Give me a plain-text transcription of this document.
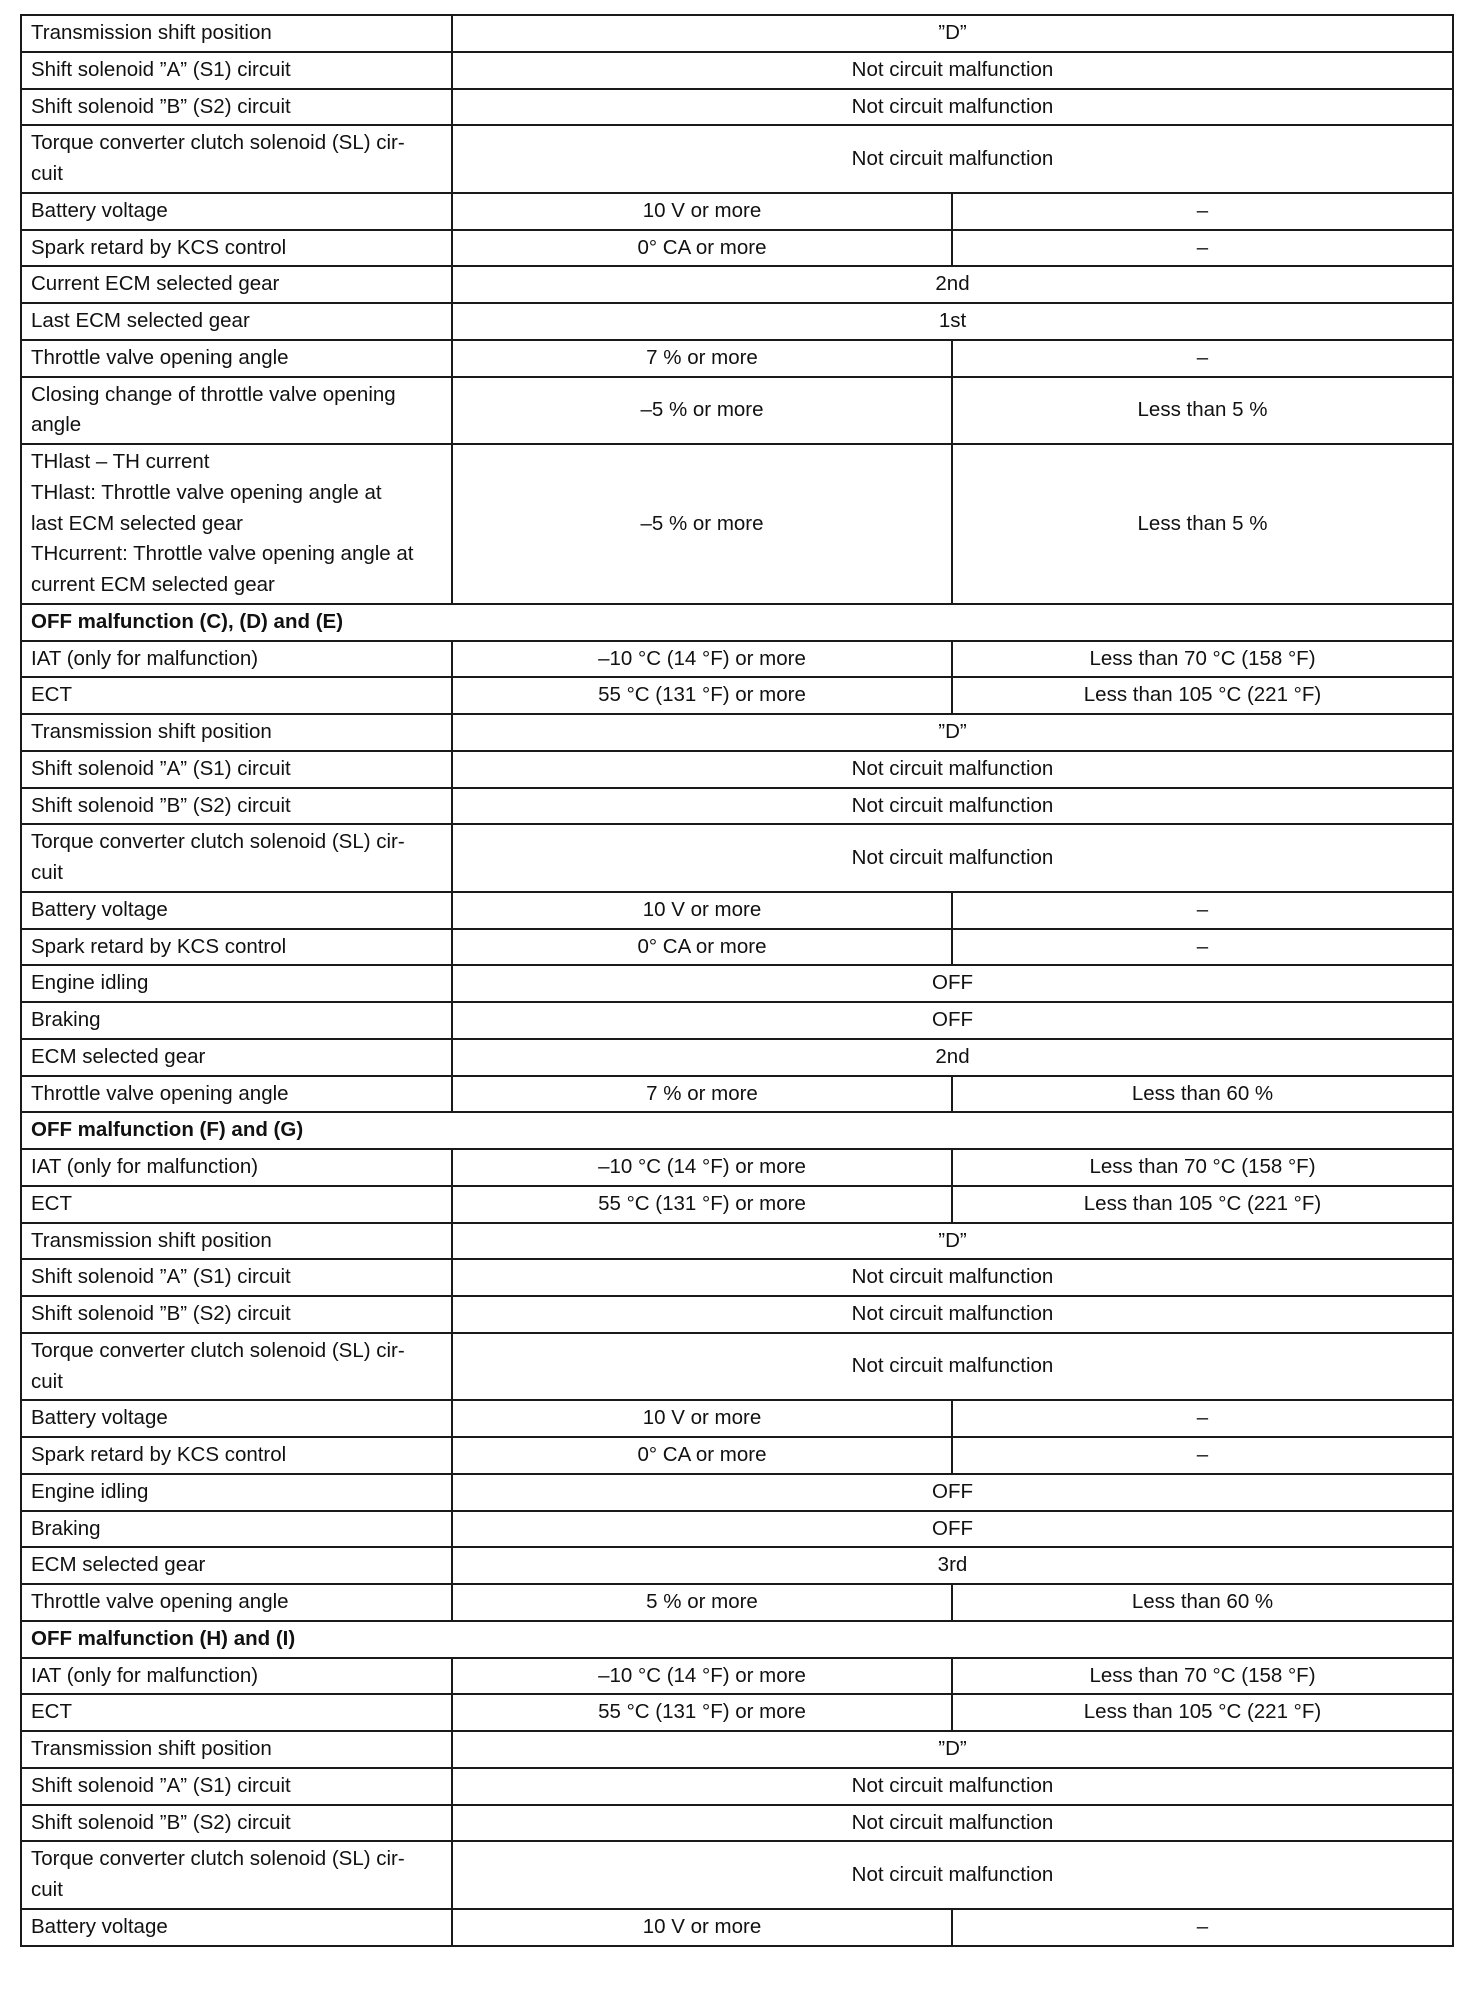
Transmission shift position	”D”	
Shift solenoid ”A” (S1) circuit	Not circuit malfunction	
Shift solenoid ”B” (S2) circuit	Not circuit malfunction	
Torque converter clutch solenoid (SL) cir-
cuit	Not circuit malfunction	
Battery voltage	10 V or more	–
Spark retard by KCS control	0° CA or more	–
Current ECM selected gear	2nd	
Last ECM selected gear	1st	
Throttle valve opening angle	7 % or more	–
Closing change of throttle valve opening
angle	–5 % or more	Less than 5 %
THlast – TH current
THlast: Throttle valve opening angle at
last ECM selected gear
THcurrent: Throttle valve opening angle at
current ECM selected gear	–5 % or more	Less than 5 %
OFF malfunction (C), (D) and (E)		
IAT (only for malfunction)	–10 °C (14 °F) or more	Less than 70 °C (158 °F)
ECT	55 °C (131 °F) or more	Less than 105 °C (221 °F)
Transmission shift position	”D”	
Shift solenoid ”A” (S1) circuit	Not circuit malfunction	
Shift solenoid ”B” (S2) circuit	Not circuit malfunction	
Torque converter clutch solenoid (SL) cir-
cuit	Not circuit malfunction	
Battery voltage	10 V or more	–
Spark retard by KCS control	0° CA or more	–
Engine idling	OFF	
Braking	OFF	
ECM selected gear	2nd	
Throttle valve opening angle	7 % or more	Less than 60 %
OFF malfunction (F) and (G)		
IAT (only for malfunction)	–10 °C (14 °F) or more	Less than 70 °C (158 °F)
ECT	55 °C (131 °F) or more	Less than 105 °C (221 °F)
Transmission shift position	”D”	
Shift solenoid ”A” (S1) circuit	Not circuit malfunction	
Shift solenoid ”B” (S2) circuit	Not circuit malfunction	
Torque converter clutch solenoid (SL) cir-
cuit	Not circuit malfunction	
Battery voltage	10 V or more	–
Spark retard by KCS control	0° CA or more	–
Engine idling	OFF	
Braking	OFF	
ECM selected gear	3rd	
Throttle valve opening angle	5 % or more	Less than 60 %
OFF malfunction (H) and (I)		
IAT (only for malfunction)	–10 °C (14 °F) or more	Less than 70 °C (158 °F)
ECT	55 °C (131 °F) or more	Less than 105 °C (221 °F)
Transmission shift position	”D”	
Shift solenoid ”A” (S1) circuit	Not circuit malfunction	
Shift solenoid ”B” (S2) circuit	Not circuit malfunction	
Torque converter clutch solenoid (SL) cir-
cuit	Not circuit malfunction	
Battery voltage	10 V or more	–
